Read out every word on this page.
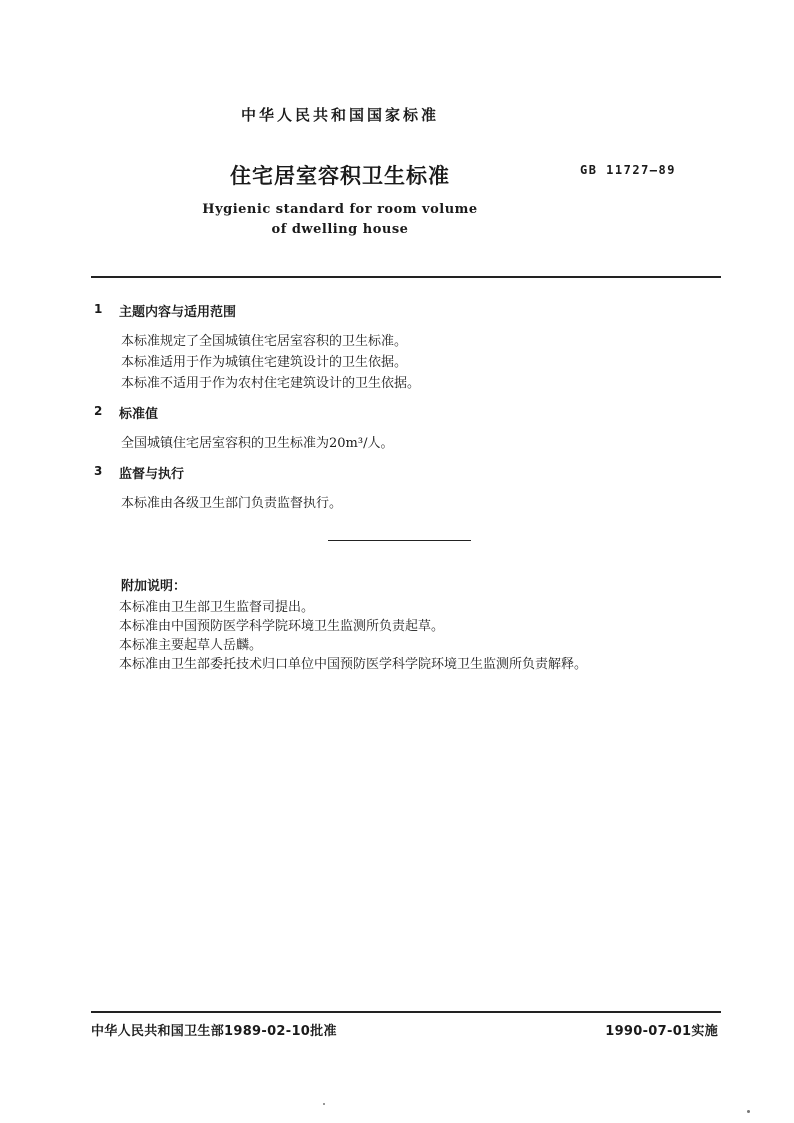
中华人民共和国国家标准
住宅居室容积卫生标准	GB 11727—89
Hygienic standard for room volume
of dwelling house
1 主题内容与适用范围
本标准规定了全国城镇住宅居室容积的卫生标准。
本标准适用于作为城镇住宅建筑设计的卫生依据。
本标准不适用于作为农村住宅建筑设计的卫生依据。
2 标准值
全国城镇住宅居室容积的卫生标准为20m³/人。
3 监督与执行
本标准由各级卫生部门负责监督执行。
附加说明：
本标准由卫生部卫生监督司提出。
本标准由中国预防医学科学院环境卫生监测所负责起草。
本标准主要起草人岳麟。
本标准由卫生部委托技术归口单位中国预防医学科学院环境卫生监测所负责解释。
中华人民共和国卫生部1989-02-10批准	1990-07-01实施
